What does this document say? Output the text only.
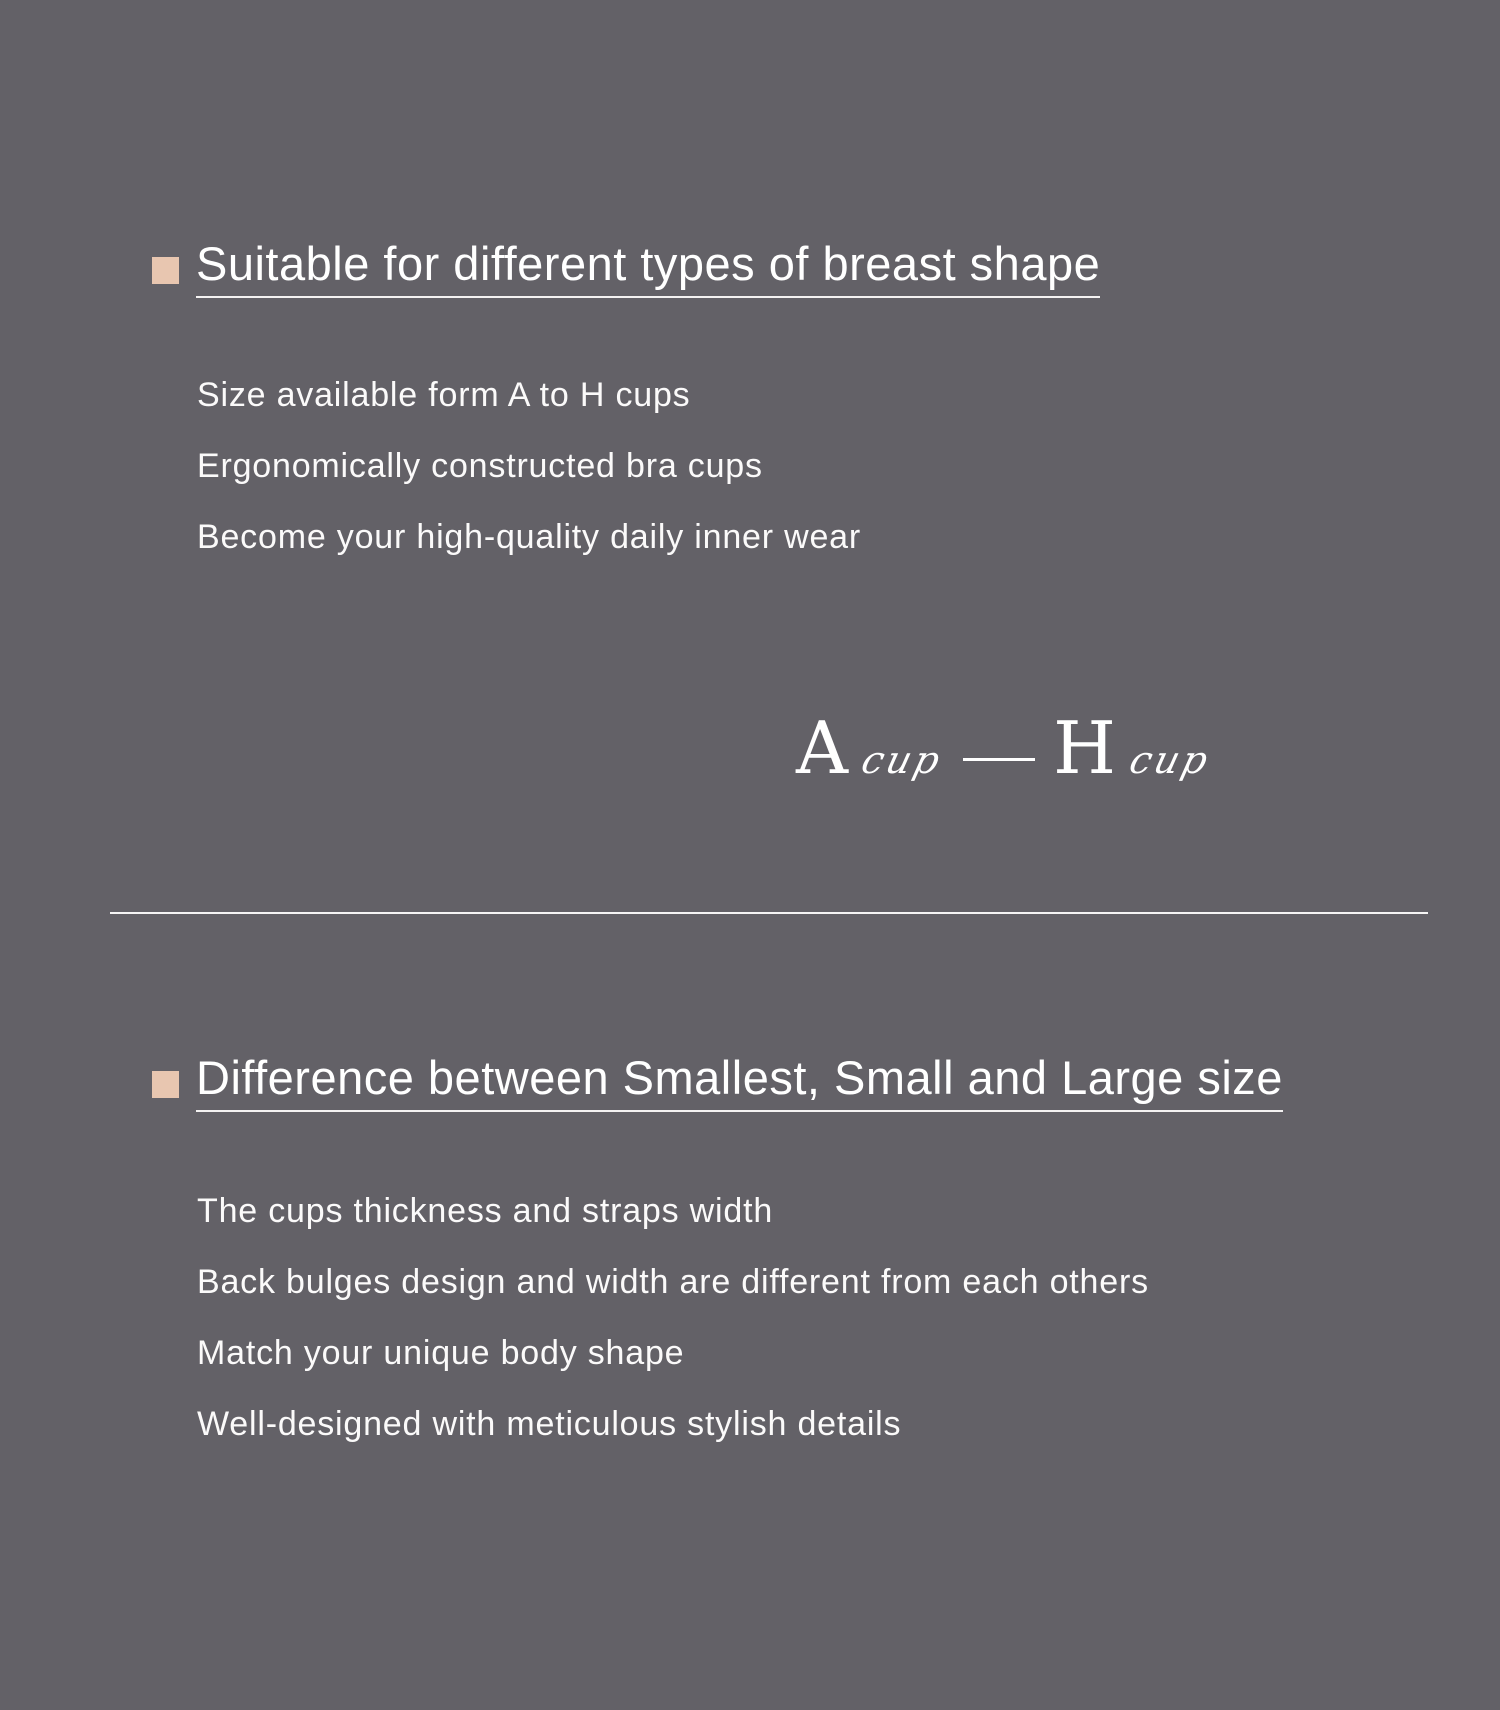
Suitable for different types of breast shape

Size available form A to H cups

Ergonomically constructed bra cups

Become your high-quality daily inner wear

A cup H cup
Difference between Smallest, Small and Large size

The cups thickness and straps width

Back bulges design and width are different from each others

Match your unique body shape

Well-designed with meticulous stylish details
